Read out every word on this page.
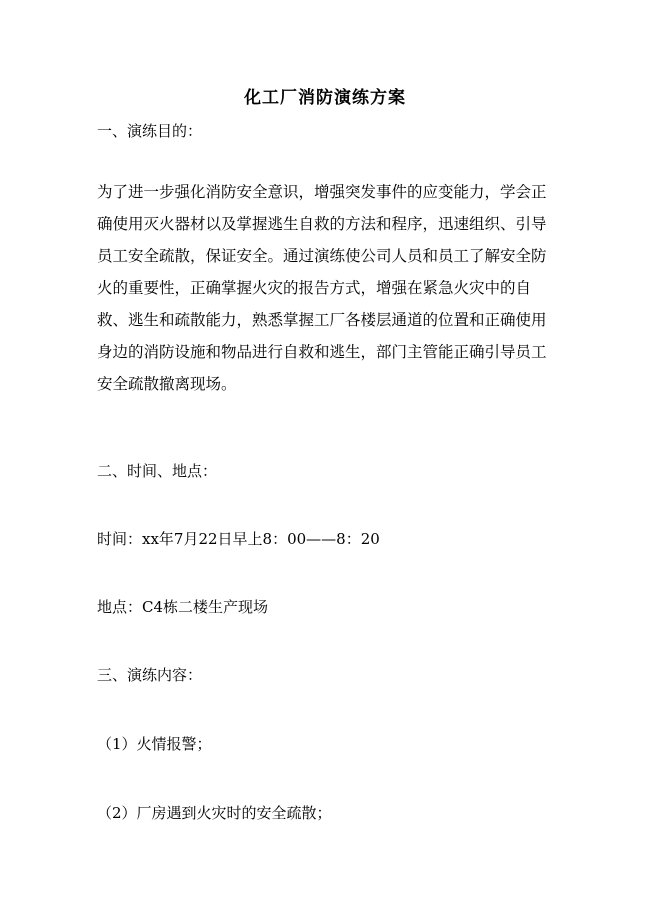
化工厂消防演练方案
一、演练目的：
为了进一步强化消防安全意识，增强突发事件的应变能力，学会正
确使用灭火器材以及掌握逃生自救的方法和程序，迅速组织、引导
员工安全疏散，保证安全。通过演练使公司人员和员工了解安全防
火的重要性，正确掌握火灾的报告方式，增强在紧急火灾中的自
救、逃生和疏散能力，熟悉掌握工厂各楼层通道的位置和正确使用
身边的消防设施和物品进行自救和逃生，部门主管能正确引导员工
安全疏散撤离现场。
二、时间、地点：
时间：xx年7月22日早上8：00——8：20
地点：C4栋二楼生产现场
三、演练内容：
（1）火情报警；
（2）厂房遇到火灾时的安全疏散；
